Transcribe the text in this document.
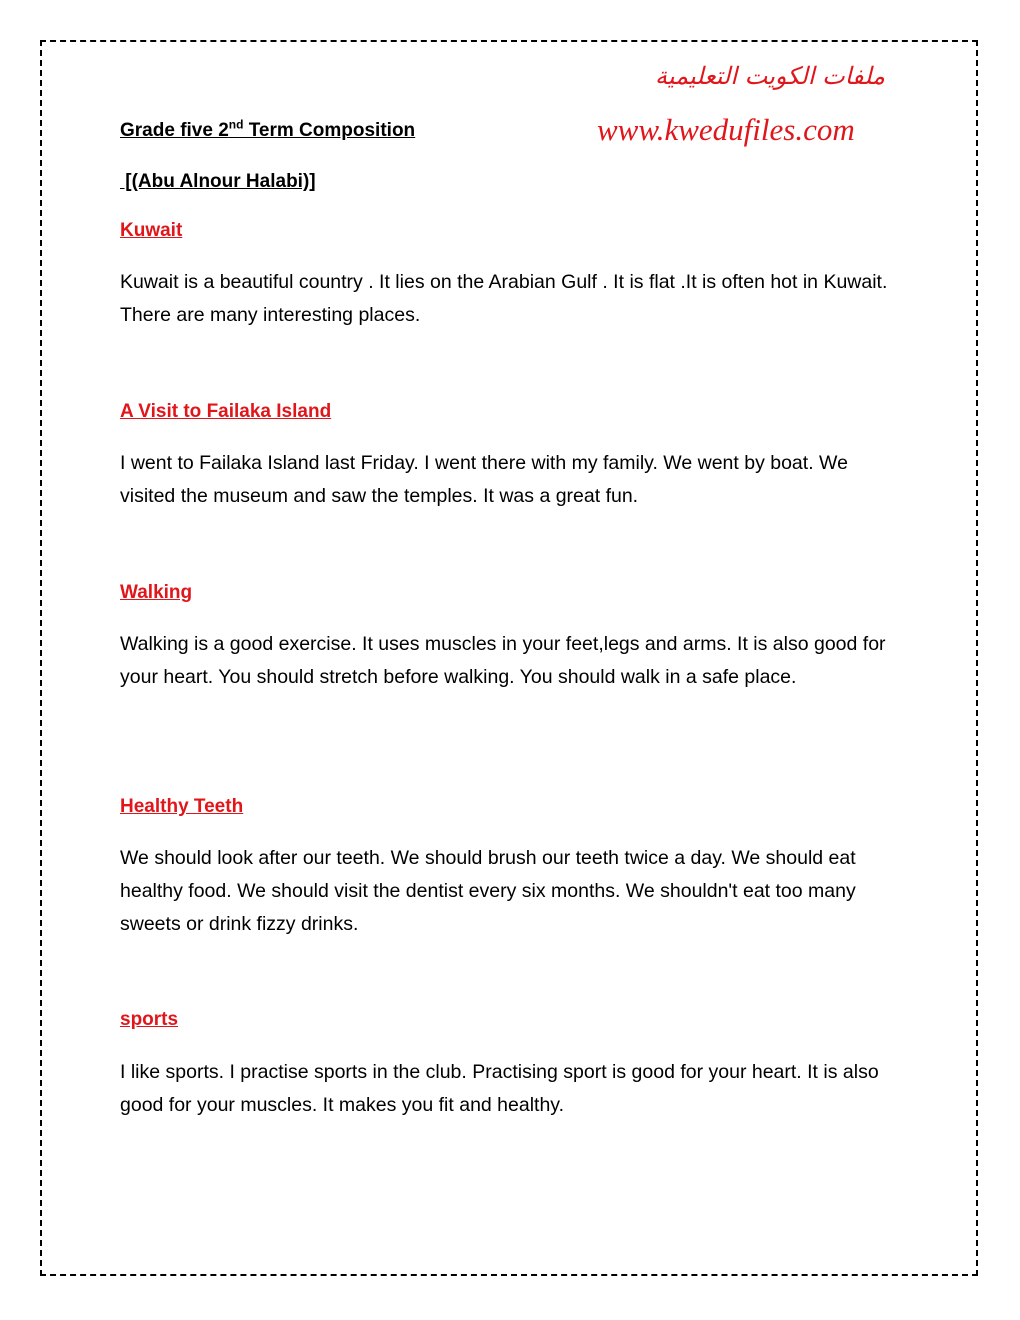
ملفات الكويت التعليمية
www.kwedufiles.com
Grade five 2nd Term Composition
[(Abu Alnour Halabi)]
Kuwait

Kuwait is a beautiful country . It lies on the Arabian Gulf . It is flat .It is often hot in Kuwait. There are many interesting places.

A Visit to Failaka Island

I went to Failaka Island last Friday. I went there with my family. We went by boat. We visited the museum and saw the temples. It was a great fun.

Walking

Walking is a good exercise. It uses muscles in your feet,legs and arms. It is also good for your heart. You should stretch before walking. You should walk in a safe place.

Healthy Teeth

We should look after our teeth. We should brush our teeth twice a day. We should eat healthy food. We should visit the dentist every six months. We shouldn't eat too many sweets or drink fizzy drinks.

sports

I like sports. I practise sports in the club. Practising sport is good for your heart. It is also good for your muscles. It makes you fit and healthy.
